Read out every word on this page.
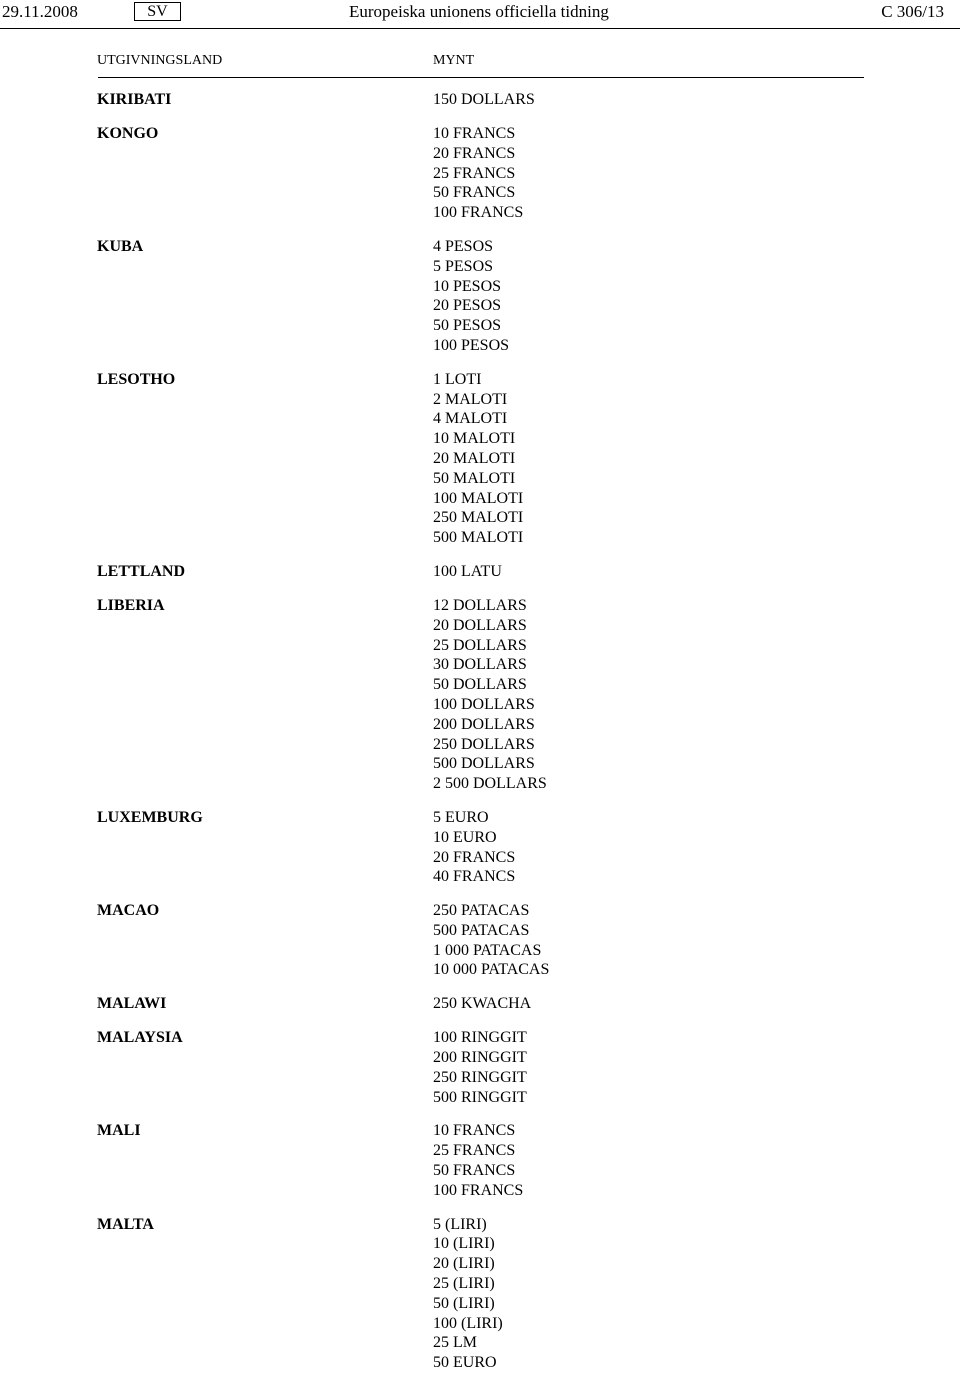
29.11.2008	SV	Europeiska unionens officiella tidning	C 306/13
UTGIVNINGSLAND	MYNT
KIRIBATI	150 DOLLARS
KONGO	10 FRANCS
20 FRANCS
25 FRANCS
50 FRANCS
100 FRANCS
KUBA	4 PESOS
5 PESOS
10 PESOS
20 PESOS
50 PESOS
100 PESOS
LESOTHO	1 LOTI
2 MALOTI
4 MALOTI
10 MALOTI
20 MALOTI
50 MALOTI
100 MALOTI
250 MALOTI
500 MALOTI
LETTLAND	100 LATU
LIBERIA	12 DOLLARS
20 DOLLARS
25 DOLLARS
30 DOLLARS
50 DOLLARS
100 DOLLARS
200 DOLLARS
250 DOLLARS
500 DOLLARS
2 500 DOLLARS
LUXEMBURG	5 EURO
10 EURO
20 FRANCS
40 FRANCS
MACAO	250 PATACAS
500 PATACAS
1 000 PATACAS
10 000 PATACAS
MALAWI	250 KWACHA
MALAYSIA	100 RINGGIT
200 RINGGIT
250 RINGGIT
500 RINGGIT
MALI	10 FRANCS
25 FRANCS
50 FRANCS
100 FRANCS
MALTA	5 (LIRI)
10 (LIRI)
20 (LIRI)
25 (LIRI)
50 (LIRI)
100 (LIRI)
25 LM
50 EURO
